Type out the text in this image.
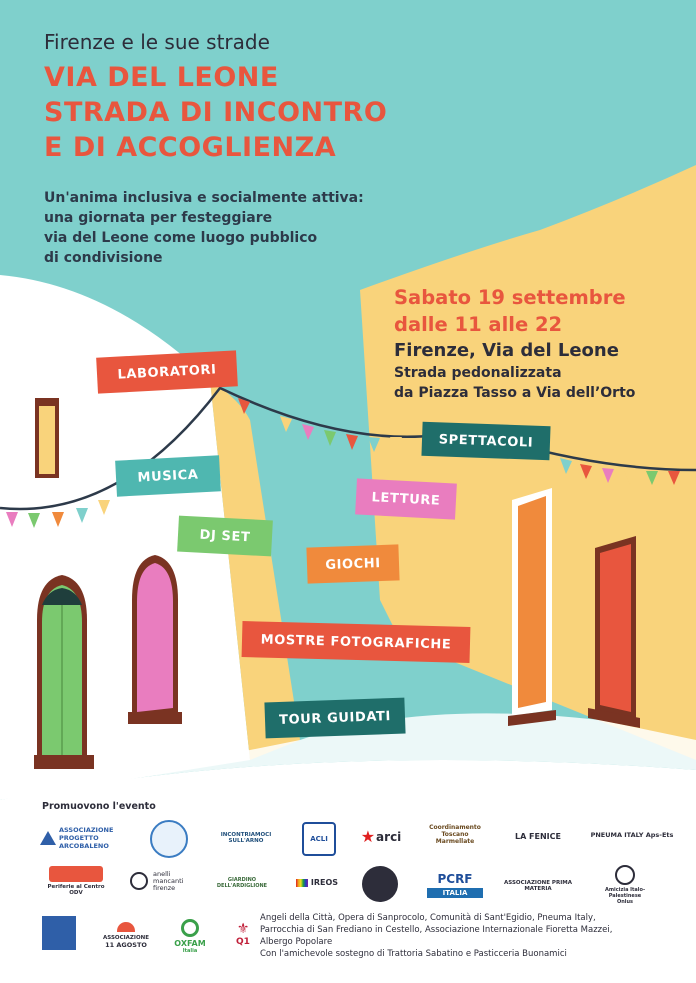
Firenze e le sue strade
VIA DEL LEONE
STRADA DI INCONTRO
E DI ACCOGLIENZA
Un'anima inclusiva e socialmente attiva:
una giornata per festeggiare
via del Leone come luogo pubblico
di condivisione
Sabato 19 settembre
dalle 11 alle 22
Firenze, Via del Leone
Strada pedonalizzata
da Piazza Tasso a Via dell’Orto
LABORATORI
SPETTACOLI
MUSICA
LETTURE
DJ SET
GIOCHI
MOSTRE FOTOGRAFICHE
TOUR GUIDATI
Promuovono l'evento
ASSOCIAZIONE PROGETTO ARCOBALENO
INCONTRIAMOCI SULL'ARNO	ACLI ★ arci
Coordinamento Toscano Marmellate	LA FENICE	PNEUMA ITALY Aps-Ets
Periferie al Centro ODV
anelli mancanti firenze
GIARDINO DELL'ARDIGLIONE	IREOS	PCRF
ITALIA
ASSOCIAZIONE PRIMA MATERIA	Amicizia Italo-Palestinese Onlus
ASSOCIAZIONE
11 AGOSTO	OXFAM
Italia
⚜
Q1
Angeli della Città, Opera di Sanprocolo, Comunità di Sant'Egidio, Pneuma Italy,
Parrocchia di San Frediano in Cestello, Associazione Internazionale Fioretta Mazzei,
Albergo Popolare
Con l'amichevole sostegno di Trattoria Sabatino e Pasticceria Buonamici
